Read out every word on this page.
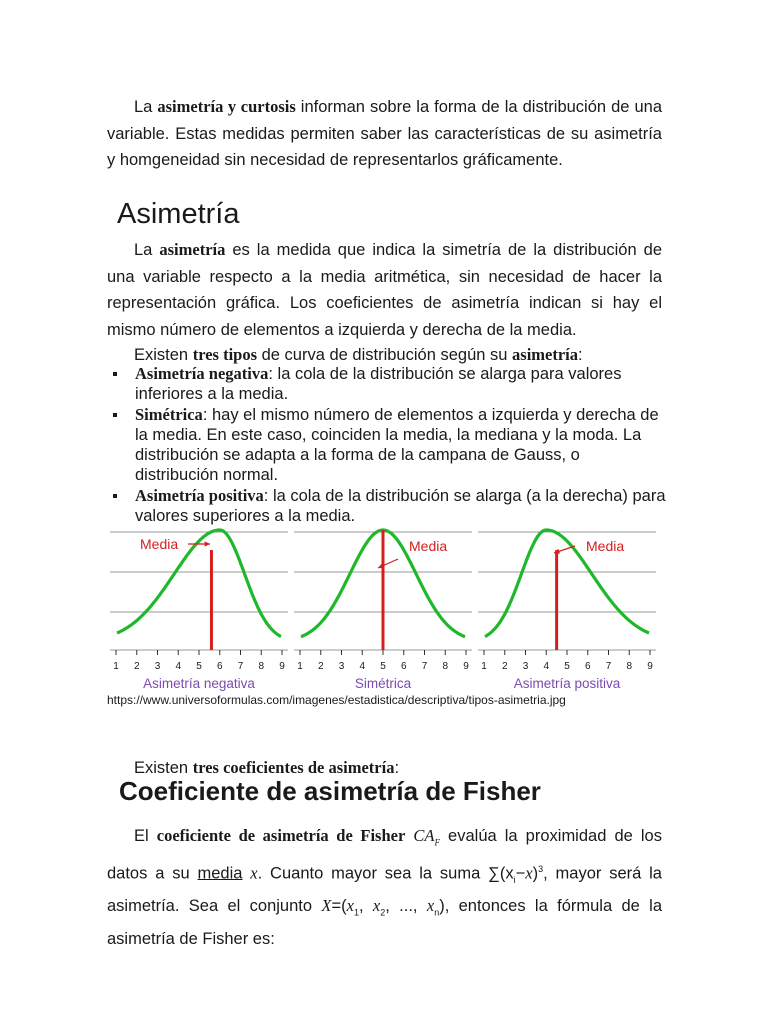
La asimetría y curtosis informan sobre la forma de la distribución de una variable. Estas medidas permiten saber las características de su asimetría y homgeneidad sin necesidad de representarlos gráficamente.

Asimetría

La asimetría es la medida que indica la simetría de la distribución de una variable respecto a la media aritmética, sin necesidad de hacer la representación gráfica. Los coeficientes de asimetría indican si hay el mismo número de elementos a izquierda y derecha de la media.

Existen tres tipos de curva de distribución según su asimetría:

Asimetría negativa: la cola de la distribución se alarga para valores inferiores a la media.
Simétrica: hay el mismo número de elementos a izquierda y derecha de la media. En este caso, coinciden la media, la mediana y la moda. La distribución se adapta a la forma de la campana de Gauss, o distribución normal.
Asimetría positiva: la cola de la distribución se alarga (a la derecha) para valores superiores a la media.
1 2 3 4 5 6 7 8 9
Media
Asimetría negativa
1 2 3 4 5 6 7 8 9
Media
Simétrica
1 2 3 4 5 6 7 8 9
Media
Asimetría positiva
https://www.universoformulas.com/imagenes/estadistica/descriptiva/tipos-asimetria.jpg

Existen tres coeficientes de asimetría:

Coeficiente de asimetría de Fisher

El coeficiente de asimetría de Fisher $CA_F$ evalúa la proximidad de los datos a su media x. Cuanto mayor sea la suma $\sum(x_i-x)^3$, mayor será la asimetría. Sea el conjunto $X=(x_1$, $x_2$, ..., $x_n$), entonces la fórmula de la asimetría de Fisher es:
